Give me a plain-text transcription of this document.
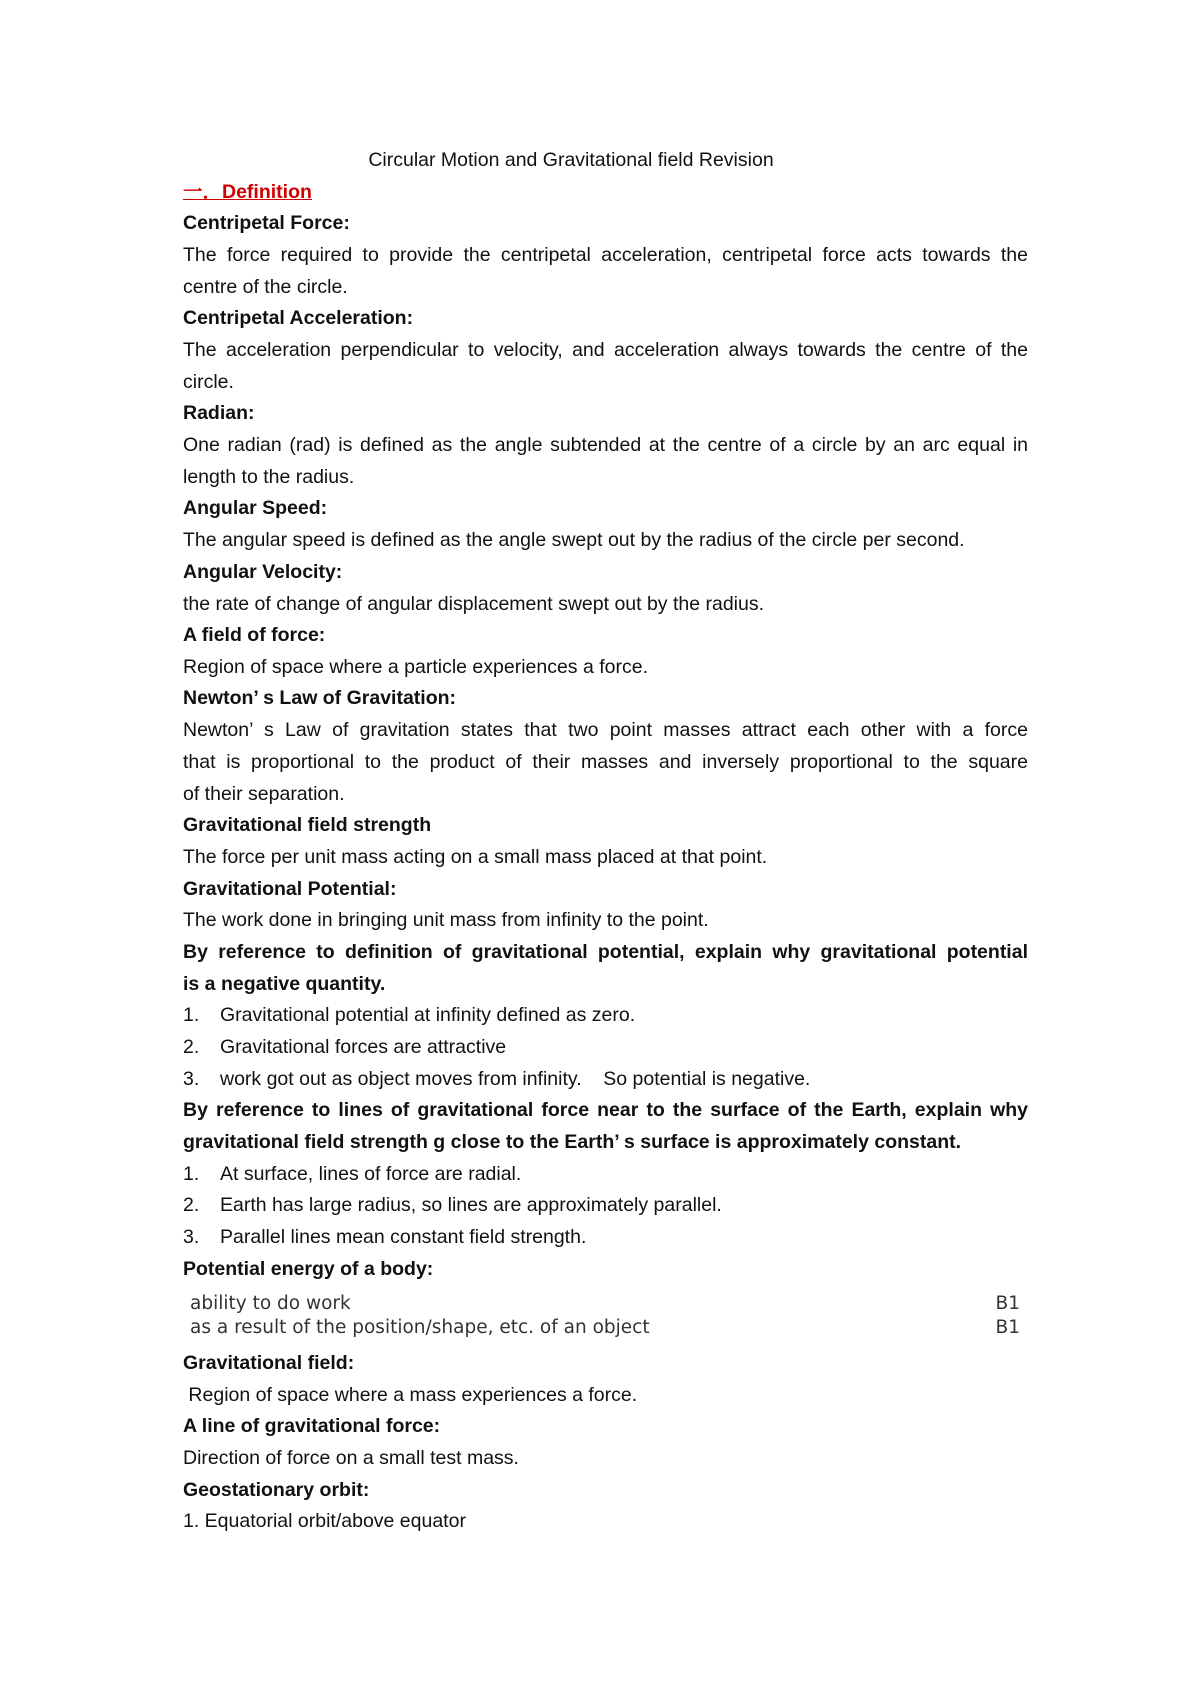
Circular Motion and Gravitational field Revision
一．Definition
Centripetal Force:
The force required to provide the centripetal acceleration, centripetal force acts towards the
centre of the circle.
Centripetal Acceleration:
The acceleration perpendicular to velocity, and acceleration always towards the centre of the
circle.
Radian:
One radian (rad) is defined as the angle subtended at the centre of a circle by an arc equal in
length to the radius.
Angular Speed:
The angular speed is defined as the angle swept out by the radius of the circle per second.
Angular Velocity:
the rate of change of angular displacement swept out by the radius.
A field of force:
Region of space where a particle experiences a force.
Newton’ s Law of Gravitation:
Newton’ s Law of gravitation states that two point masses attract each other with a force
that is proportional to the product of their masses and inversely proportional to the square
of their separation.
Gravitational field strength
The force per unit mass acting on a small mass placed at that point.
Gravitational Potential:
The work done in bringing unit mass from infinity to the point.
By reference to definition of gravitational potential, explain why gravitational potential
is a negative quantity.
1. Gravitational potential at infinity defined as zero.
2. Gravitational forces are attractive
3. work got out as object moves from infinity.    So potential is negative.
By reference to lines of gravitational force near to the surface of the Earth, explain why
gravitational field strength g close to the Earth’ s surface is approximately constant.
1. At surface, lines of force are radial.
2. Earth has large radius, so lines are approximately parallel.
3. Parallel lines mean constant field strength.
Potential energy of a body:
ability to do work	B1
as a result of the position/shape, etc. of an object	B1
Gravitational field:
Region of space where a mass experiences a force.
A line of gravitational force:
Direction of force on a small test mass.
Geostationary orbit:
1. Equatorial orbit/above equator
